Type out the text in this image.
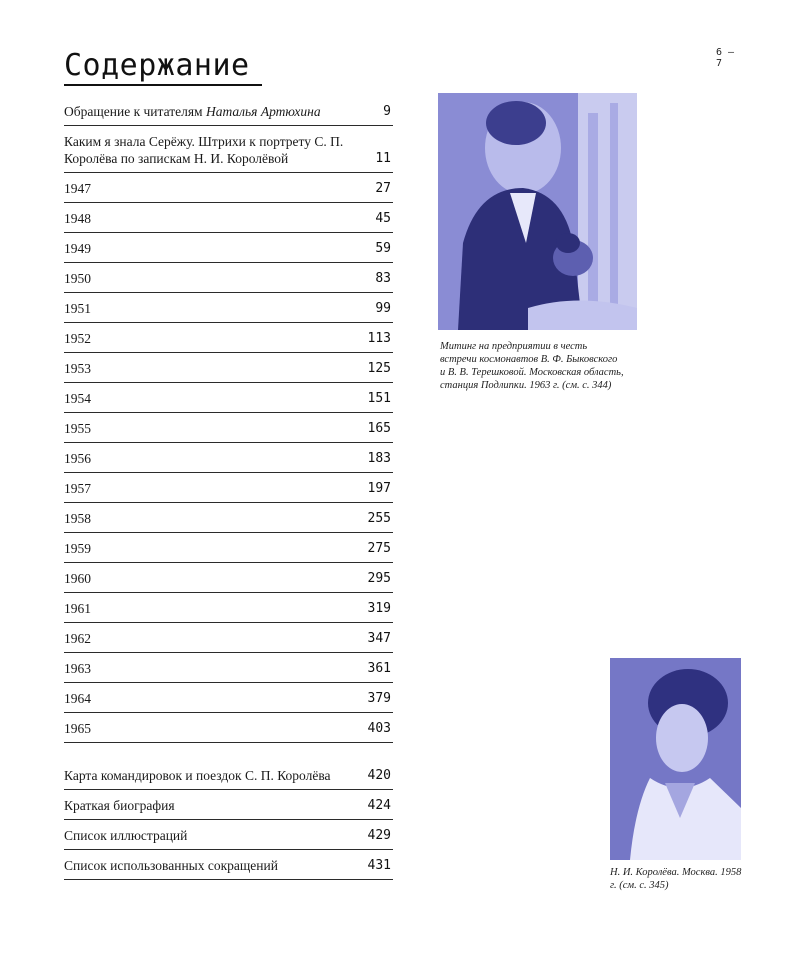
6 — 7
Содержание
Обращение к читателям Наталья Артюхина	9
Каким я знала Серёжу. Штрихи к портрету С. П. Королёва по запискам Н. И. Королёвой	11
1947	27
1948	45
1949	59
1950	83
1951	99
1952	113
1953	125
1954	151
1955	165
1956	183
1957	197
1958	255
1959	275
1960	295
1961	319
1962	347
1963	361
1964	379
1965	403
Карта командировок и поездок С. П. Королёва	420
Краткая биография	424
Список иллюстраций	429
Список использованных сокращений	431
Митинг на предприятии в честь встречи космонавтов В. Ф. Быковского и В. В. Терешковой. Московская область, станция Подлипки. 1963 г. (см. с. 344)
Н. И. Королёва. Москва. 1958 г. (см. с. 345)
